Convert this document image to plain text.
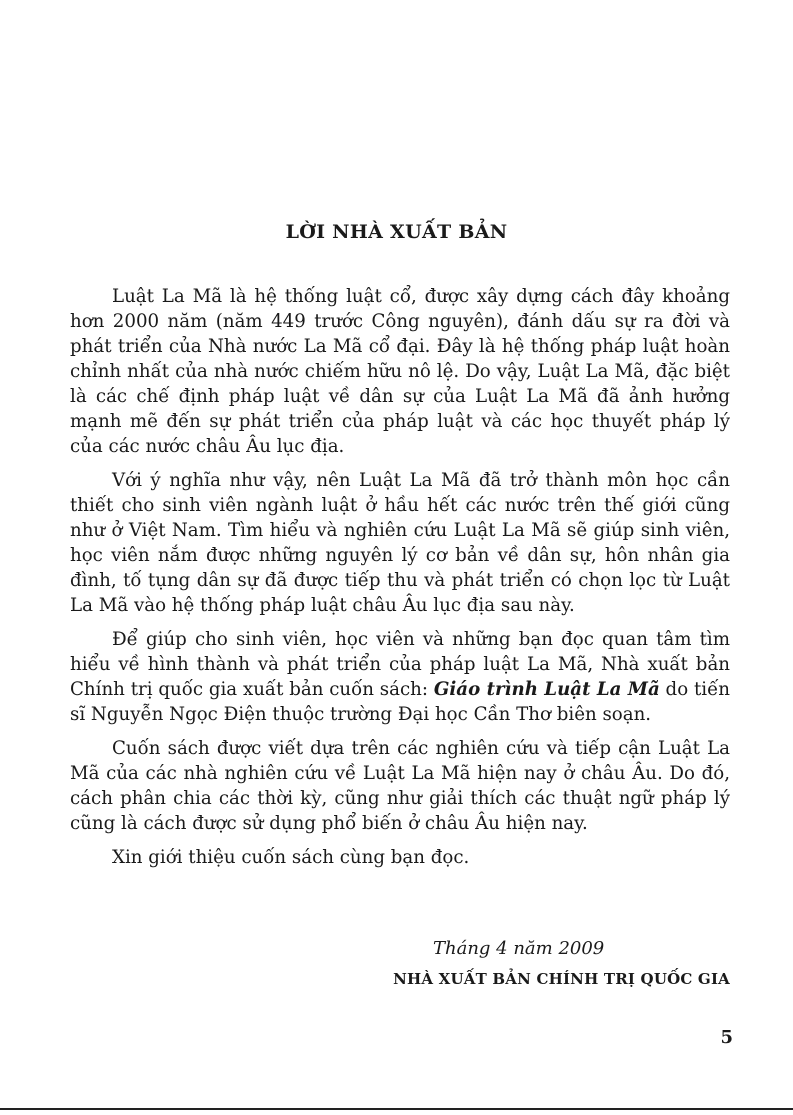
LỜI NHÀ XUẤT BẢN

Luật La Mã là hệ thống luật cổ, được xây dựng cách đây khoảng hơn 2000 năm (năm 449 trước Công nguyên), đánh dấu sự ra đời và phát triển của Nhà nước La Mã cổ đại. Đây là hệ thống pháp luật hoàn chỉnh nhất của nhà nước chiếm hữu nô lệ. Do vậy, Luật La Mã, đặc biệt là các chế định pháp luật về dân sự của Luật La Mã đã ảnh hưởng mạnh mẽ đến sự phát triển của pháp luật và các học thuyết pháp lý của các nước châu Âu lục địa.

Với ý nghĩa như vậy, nên Luật La Mã đã trở thành môn học cần thiết cho sinh viên ngành luật ở hầu hết các nước trên thế giới cũng như ở Việt Nam. Tìm hiểu và nghiên cứu Luật La Mã sẽ giúp sinh viên, học viên nắm được những nguyên lý cơ bản về dân sự, hôn nhân gia đình, tố tụng dân sự đã được tiếp thu và phát triển có chọn lọc từ Luật La Mã vào hệ thống pháp luật châu Âu lục địa sau này.

Để giúp cho sinh viên, học viên và những bạn đọc quan tâm tìm hiểu về hình thành và phát triển của pháp luật La Mã, Nhà xuất bản Chính trị quốc gia xuất bản cuốn sách: Giáo trình Luật La Mã do tiến sĩ Nguyễn Ngọc Điện thuộc trường Đại học Cần Thơ biên soạn.

Cuốn sách được viết dựa trên các nghiên cứu và tiếp cận Luật La Mã của các nhà nghiên cứu về Luật La Mã hiện nay ở châu Âu. Do đó, cách phân chia các thời kỳ, cũng như giải thích các thuật ngữ pháp lý cũng là cách được sử dụng phổ biến ở châu Âu hiện nay.

Xin giới thiệu cuốn sách cùng bạn đọc.

Tháng 4 năm 2009
NHÀ XUẤT BẢN CHÍNH TRỊ QUỐC GIA
5
